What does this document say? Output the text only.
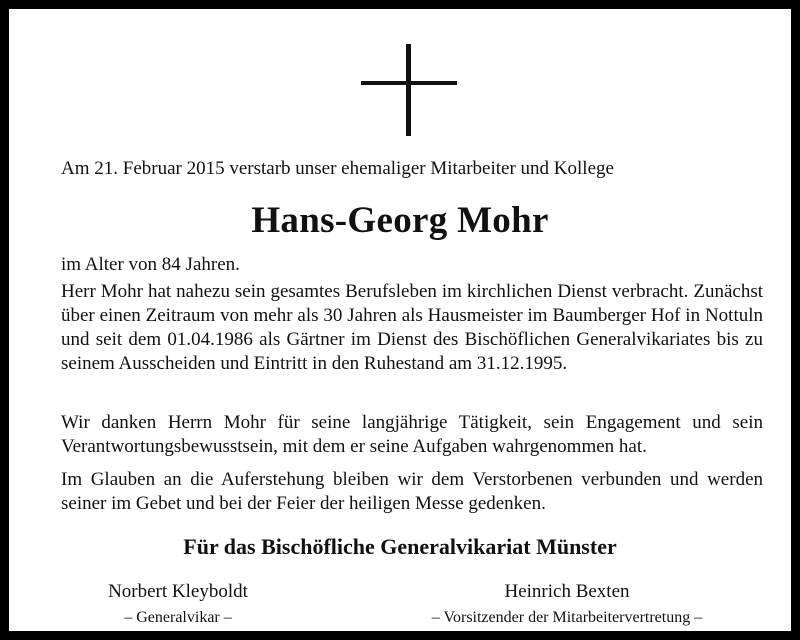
Am 21. Februar 2015 verstarb unser ehemaliger Mitarbeiter und Kollege
Hans-Georg Mohr
im Alter von 84 Jahren.
Herr Mohr hat nahezu sein gesamtes Berufsleben im kirchlichen Dienst verbracht. Zunächst über einen Zeitraum von mehr als 30 Jahren als Hausmeister im Baumberger Hof in Nottuln und seit dem 01.04.1986 als Gärtner im Dienst des Bischöflichen Generalvikariates bis zu seinem Ausscheiden und Eintritt in den Ruhestand am 31.12.1995.
Wir danken Herrn Mohr für seine langjährige Tätigkeit, sein Engagement und sein Verantwortungsbewusstsein, mit dem er seine Aufgaben wahrgenommen hat.
Im Glauben an die Auferstehung bleiben wir dem Verstorbenen verbunden und werden seiner im Gebet und bei der Feier der heiligen Messe gedenken.
Für das Bischöfliche Generalvikariat Münster
Norbert Kleyboldt
– Generalvikar –
Heinrich Bexten
– Vorsitzender der Mitarbeitervertretung –
